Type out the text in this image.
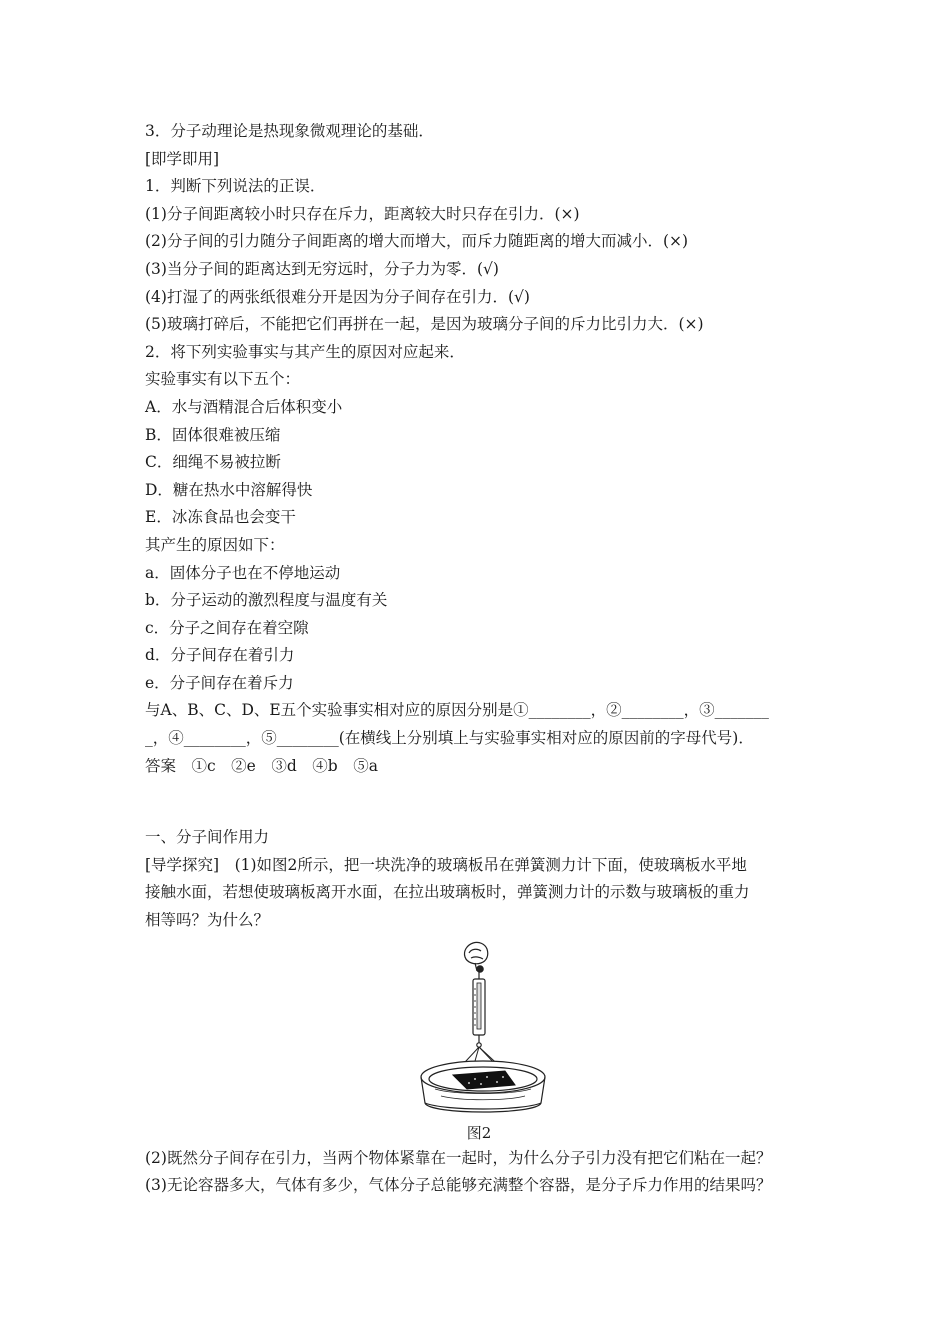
3．分子动理论是热现象微观理论的基础．
[即学即用]
1．判断下列说法的正误．
(1)分子间距离较小时只存在斥力，距离较大时只存在引力．(×)
(2)分子间的引力随分子间距离的增大而增大，而斥力随距离的增大而减小．(×)
(3)当分子间的距离达到无穷远时，分子力为零．(√)
(4)打湿了的两张纸很难分开是因为分子间存在引力．(√)
(5)玻璃打碎后，不能把它们再拼在一起，是因为玻璃分子间的斥力比引力大．(×)
2．将下列实验事实与其产生的原因对应起来．
实验事实有以下五个：
A．水与酒精混合后体积变小
B．固体很难被压缩
C．细绳不易被拉断
D．糖在热水中溶解得快
E．冰冻食品也会变干
其产生的原因如下：
a．固体分子也在不停地运动
b．分子运动的激烈程度与温度有关
c．分子之间存在着空隙
d．分子间存在着引力
e．分子间存在着斥力
与A、B、C、D、E五个实验事实相对应的原因分别是①________，②________，③_______
_，④________，⑤________(在横线上分别填上与实验事实相对应的原因前的字母代号)．
答案　①c　②e　③d　④b　⑤a
一、分子间作用力
[导学探究]　(1)如图2所示，把一块洗净的玻璃板吊在弹簧测力计下面，使玻璃板水平地
接触水面，若想使玻璃板离开水面，在拉出玻璃板时，弹簧测力计的示数与玻璃板的重力
相等吗？为什么？
图2
(2)既然分子间存在引力，当两个物体紧靠在一起时，为什么分子引力没有把它们粘在一起？
(3)无论容器多大，气体有多少，气体分子总能够充满整个容器，是分子斥力作用的结果吗？
